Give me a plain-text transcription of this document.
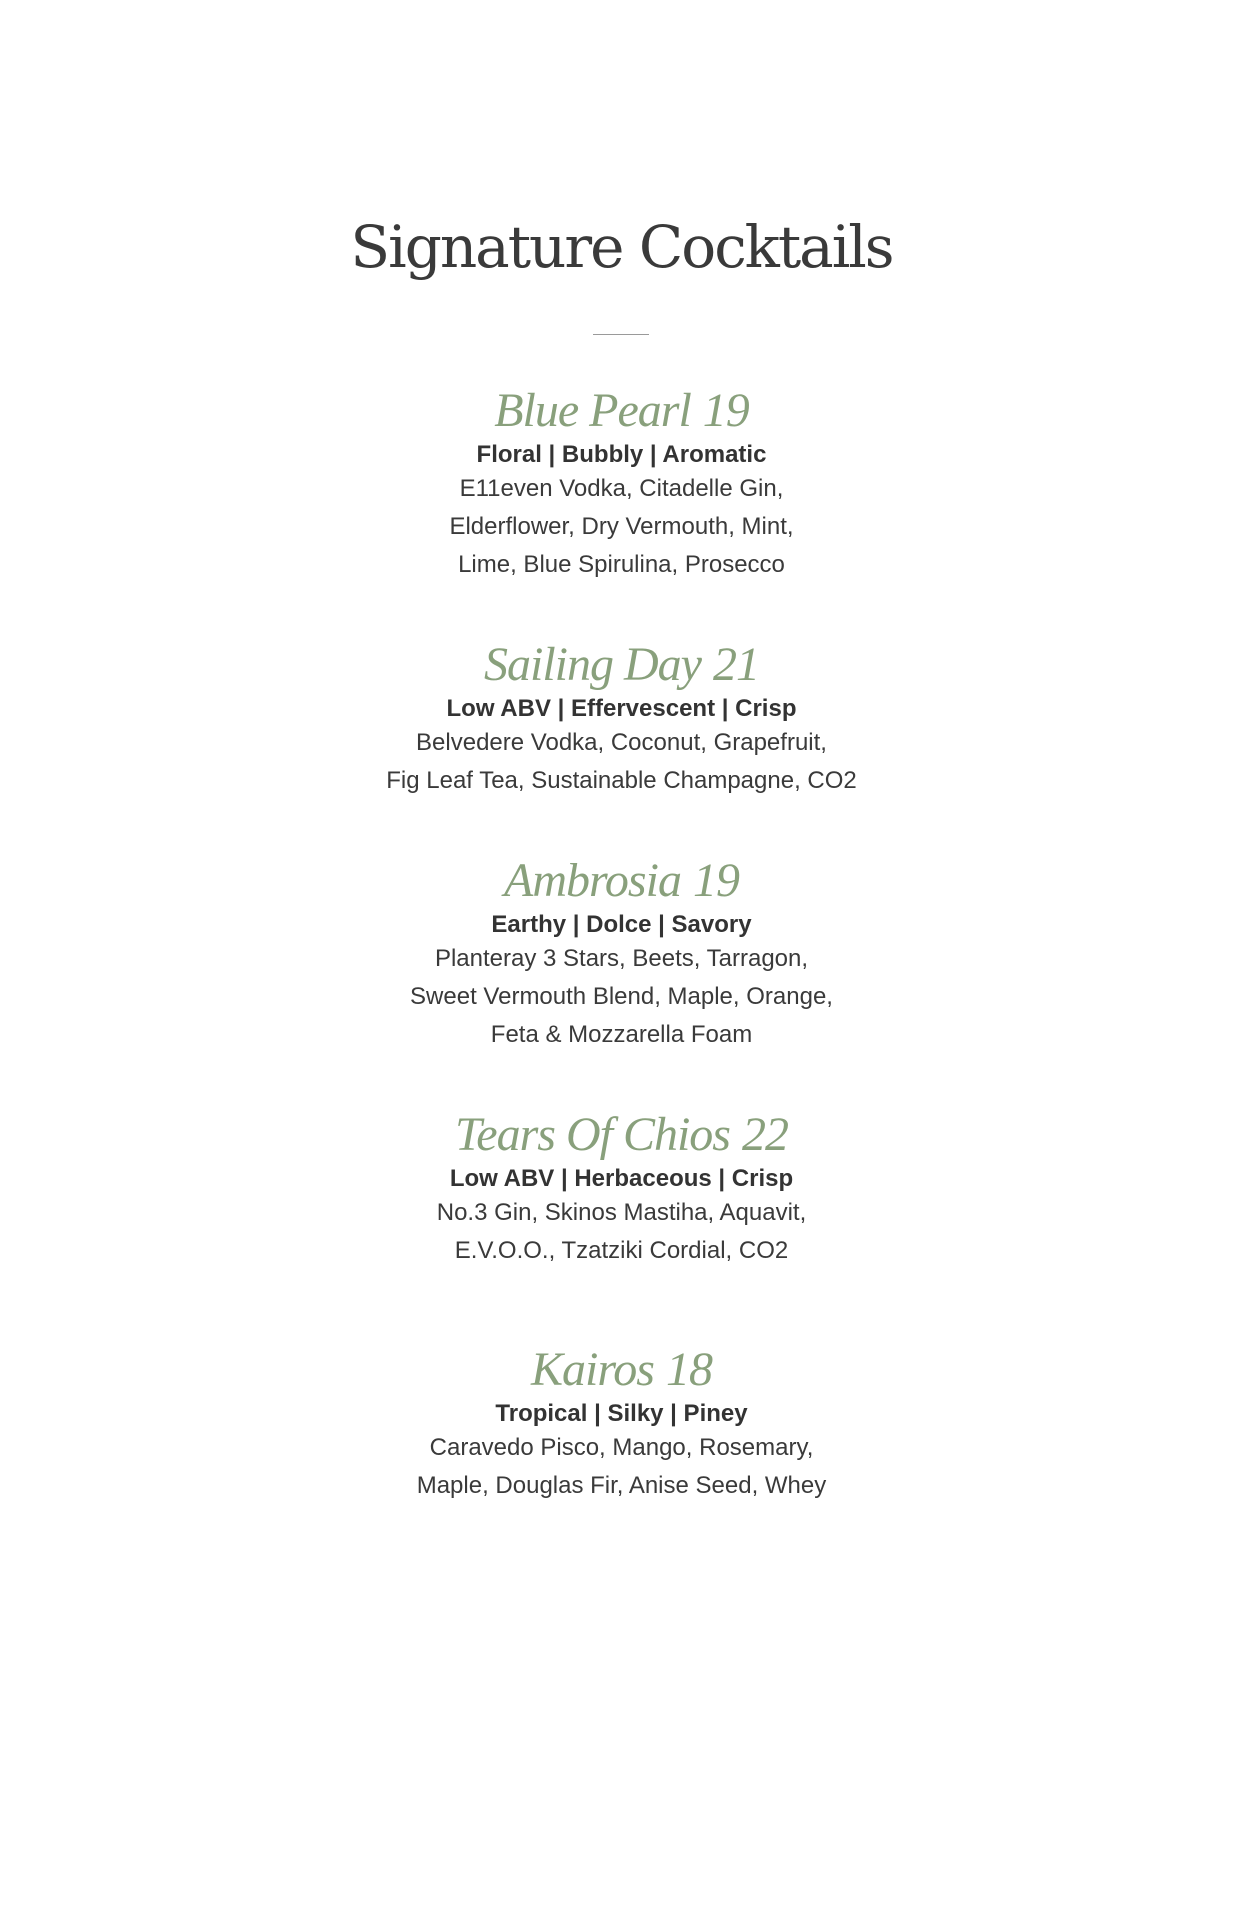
Signature Cocktails

Blue Pearl 19

Floral | Bubbly | Aromatic

E11even Vodka, Citadelle Gin,
Elderflower, Dry Vermouth, Mint,
Lime, Blue Spirulina, Prosecco

Sailing Day 21

Low ABV | Effervescent | Crisp

Belvedere Vodka, Coconut, Grapefruit,
Fig Leaf Tea, Sustainable Champagne, CO2

Ambrosia 19

Earthy | Dolce | Savory

Planteray 3 Stars, Beets, Tarragon,
Sweet Vermouth Blend, Maple, Orange,
Feta & Mozzarella Foam

Tears Of Chios 22

Low ABV | Herbaceous | Crisp

No.3 Gin, Skinos Mastiha, Aquavit,
E.V.O.O., Tzatziki Cordial, CO2

Kairos 18

Tropical | Silky | Piney

Caravedo Pisco, Mango, Rosemary,
Maple, Douglas Fir, Anise Seed, Whey
